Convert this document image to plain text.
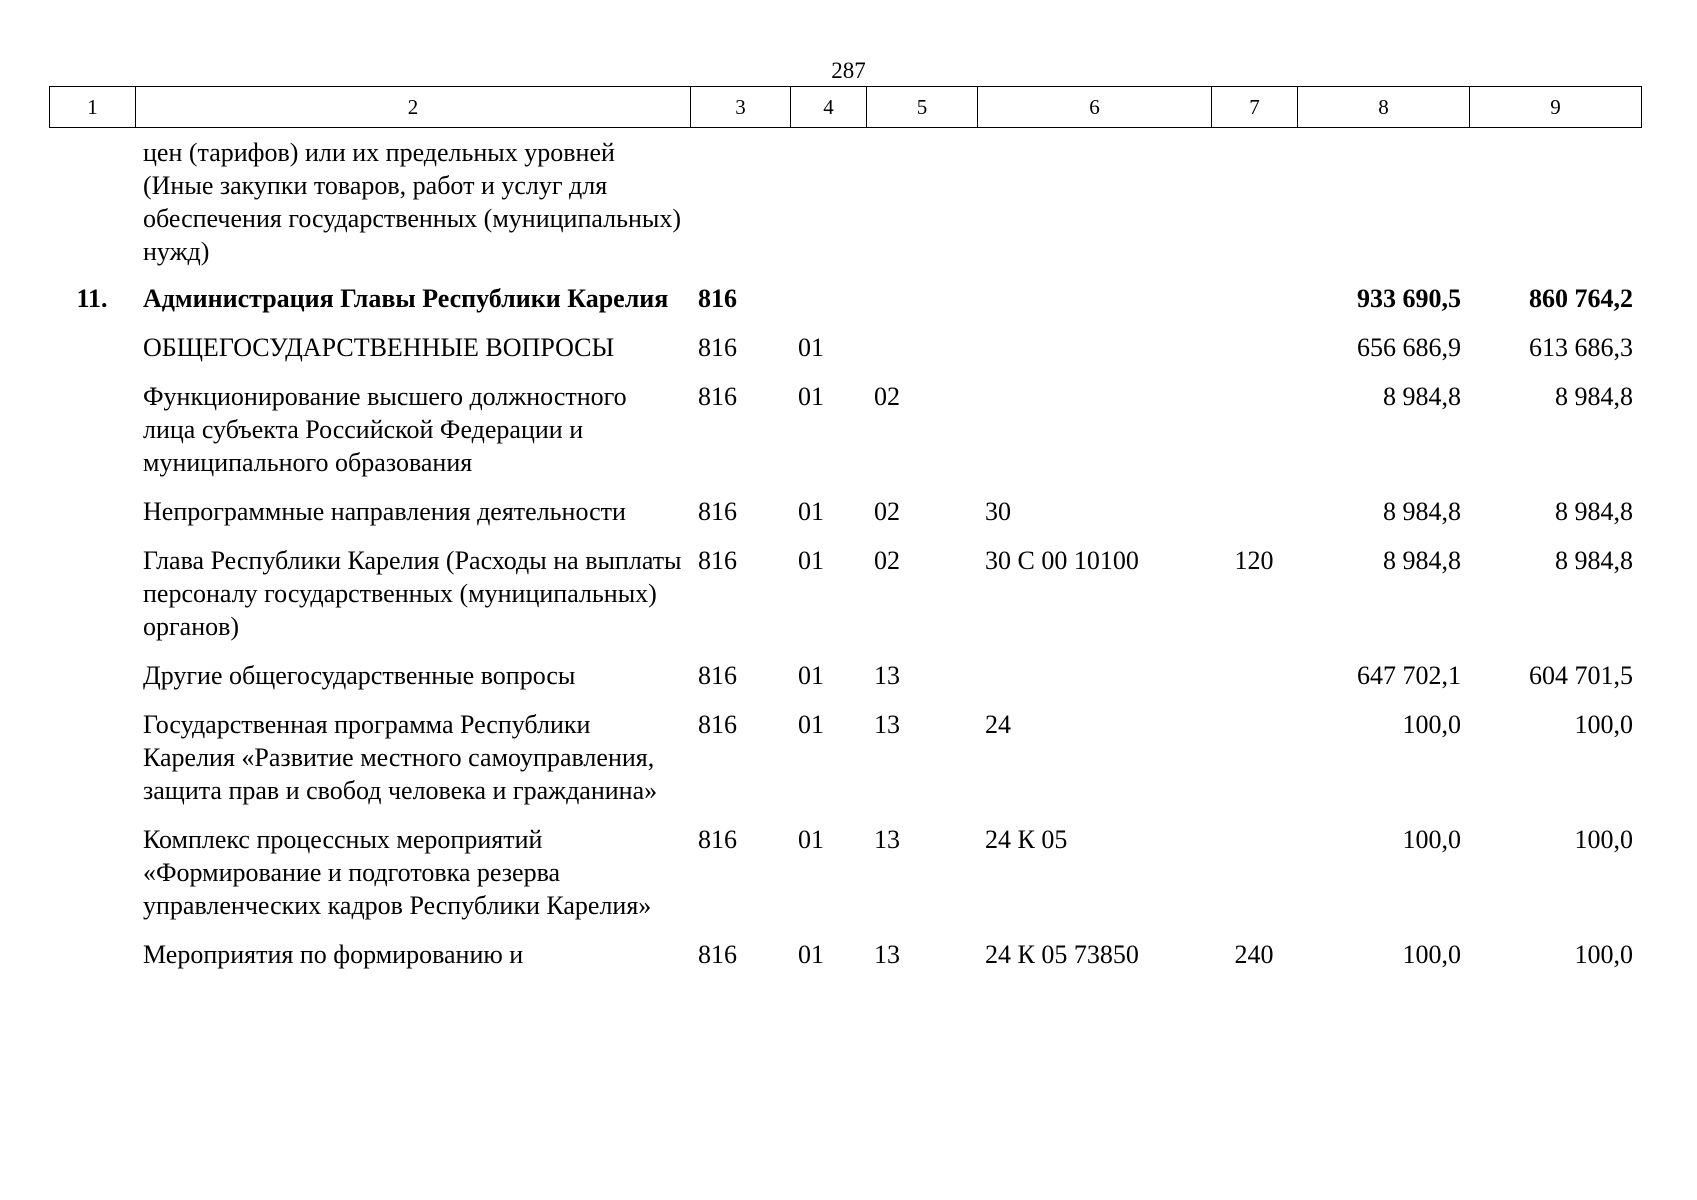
287
1	2	3	4	5	6	7	8	9
	цен (тарифов) или их предельных уровней (Иные закупки товаров, работ и услуг для обеспечения государственных (муниципальных) нужд)							
11.	Администрация Главы Республики Карелия	816					933 690,5	860 764,2
	ОБЩЕГОСУДАРСТВЕННЫЕ ВОПРОСЫ	816	01				656 686,9	613 686,3
	Функционирование высшего должностного лица субъекта Российской Федерации и муниципального образования	816	01	02			8 984,8	8 984,8
	Непрограммные направления деятельности	816	01	02	30		8 984,8	8 984,8
	Глава Республики Карелия (Расходы на выплаты персоналу государственных (муниципальных) органов)	816	01	02	30 С 00 10100	120	8 984,8	8 984,8
	Другие общегосударственные вопросы	816	01	13			647 702,1	604 701,5
	Государственная программа Республики Карелия «Развитие местного самоуправления, защита прав и свобод человека и гражданина»	816	01	13	24		100,0	100,0
	Комплекс процессных мероприятий «Формирование и подготовка резерва управленческих кадров Республики Карелия»	816	01	13	24 К 05		100,0	100,0
	Мероприятия по формированию и	816	01	13	24 К 05 73850	240	100,0	100,0
